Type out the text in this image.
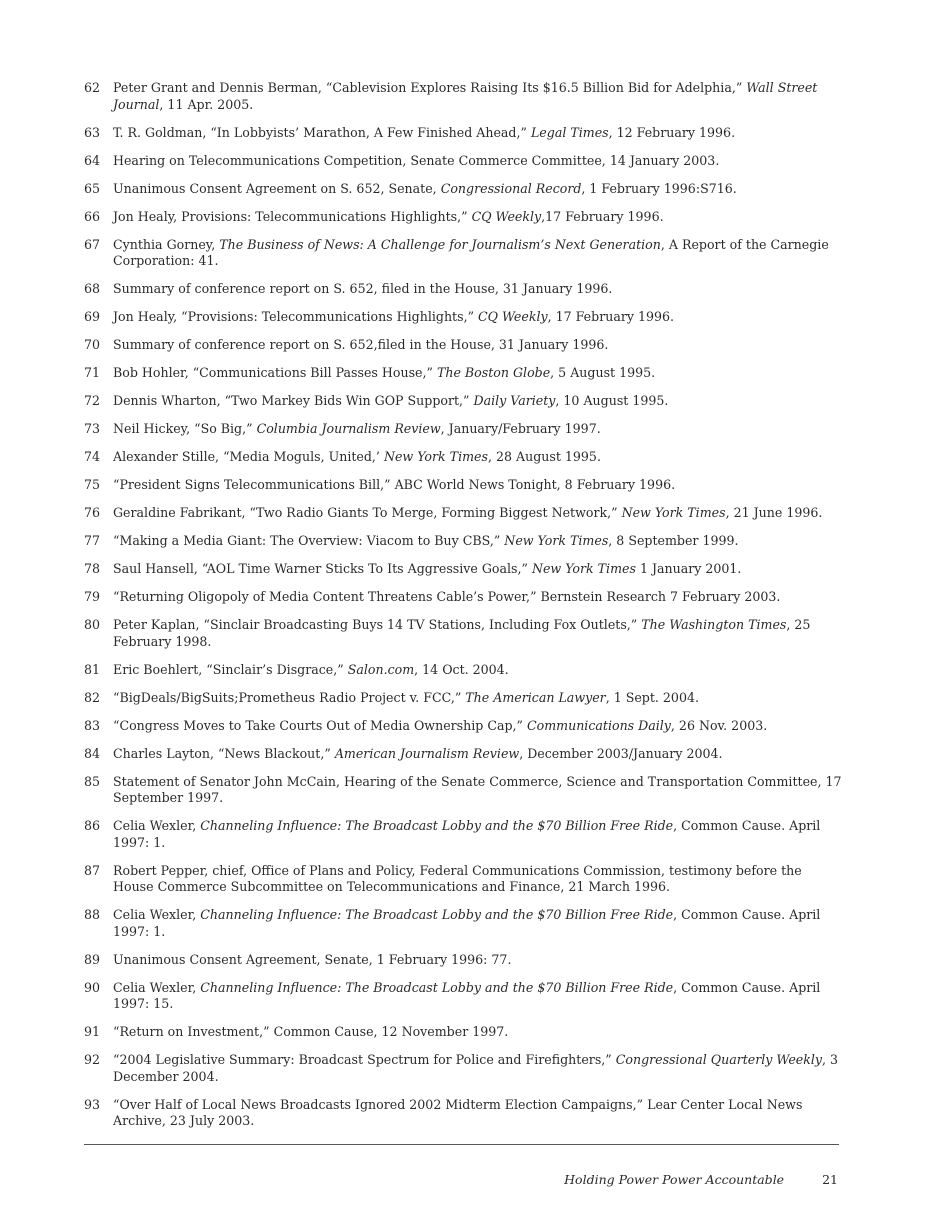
62	Peter Grant and Dennis Berman, “Cablevision Explores Raising Its $16.5 Billion Bid for Adelphia,” Wall Street Journal, 11 Apr. 2005.
63	T. R. Goldman, “In Lobbyists’ Marathon, A Few Finished Ahead,” Legal Times, 12 February 1996.
64	Hearing on Telecommunications Competition, Senate Commerce Committee, 14 January 2003.
65	Unanimous Consent Agreement on S. 652, Senate, Congressional Record, 1 February 1996:S716.
66	Jon Healy, Provisions: Telecommunications Highlights,” CQ Weekly,17 February 1996.
67	Cynthia Gorney, The Business of News: A Challenge for Journalism’s Next Generation, A Report of the Carnegie Corporation: 41.
68	Summary of conference report on S. 652, filed in the House, 31 January 1996.
69	Jon Healy, “Provisions: Telecommunications Highlights,” CQ Weekly, 17 February 1996.
70	Summary of conference report on S. 652,filed in the House, 31 January 1996.
71	Bob Hohler, “Communications Bill Passes House,” The Boston Globe, 5 August 1995.
72	Dennis Wharton, “Two Markey Bids Win GOP Support,” Daily Variety, 10 August 1995.
73	Neil Hickey, “So Big,” Columbia Journalism Review, January/February 1997.
74	Alexander Stille, “Media Moguls, United,’ New York Times, 28 August 1995.
75	“President Signs Telecommunications Bill,” ABC World News Tonight, 8 February 1996.
76	Geraldine Fabrikant, “Two Radio Giants To Merge, Forming Biggest Network,” New York Times, 21 June 1996.
77	“Making a Media Giant: The Overview: Viacom to Buy CBS,” New York Times, 8 September 1999.
78	Saul Hansell, “AOL Time Warner Sticks To Its Aggressive Goals,” New York Times 1 January 2001.
79	“Returning Oligopoly of Media Content Threatens Cable’s Power,” Bernstein Research 7 February 2003.
80	Peter Kaplan, “Sinclair Broadcasting Buys 14 TV Stations, Including Fox Outlets,” The Washington Times, 25 February 1998.
81	Eric Boehlert, “Sinclair’s Disgrace,” Salon.com, 14 Oct. 2004.
82	“BigDeals/BigSuits;Prometheus Radio Project v. FCC,” The American Lawyer, 1 Sept. 2004.
83	“Congress Moves to Take Courts Out of Media Ownership Cap,” Communications Daily, 26 Nov. 2003.
84	Charles Layton, “News Blackout,” American Journalism Review, December 2003/January 2004.
85	Statement of Senator John McCain, Hearing of the Senate Commerce, Science and Transportation Committee, 17 September 1997.
86	Celia Wexler, Channeling Influence: The Broadcast Lobby and the $70 Billion Free Ride, Common Cause. April 1997: 1.
87	Robert Pepper, chief, Office of Plans and Policy, Federal Communications Commission, testimony before the House Commerce Subcommittee on Telecommunications and Finance, 21 March 1996.
88	Celia Wexler, Channeling Influence: The Broadcast Lobby and the $70 Billion Free Ride, Common Cause. April 1997: 1.
89	Unanimous Consent Agreement, Senate, 1 February 1996: 77.
90	Celia Wexler, Channeling Influence: The Broadcast Lobby and the $70 Billion Free Ride, Common Cause. April 1997: 15.
91	“Return on Investment,” Common Cause, 12 November 1997.
92	“2004 Legislative Summary: Broadcast Spectrum for Police and Firefighters,” Congressional Quarterly Weekly, 3 December 2004.
93	“Over Half of Local News Broadcasts Ignored 2002 Midterm Election Campaigns,” Lear Center Local News Archive, 23 July 2003.
Holding Power Power Accountable	21
